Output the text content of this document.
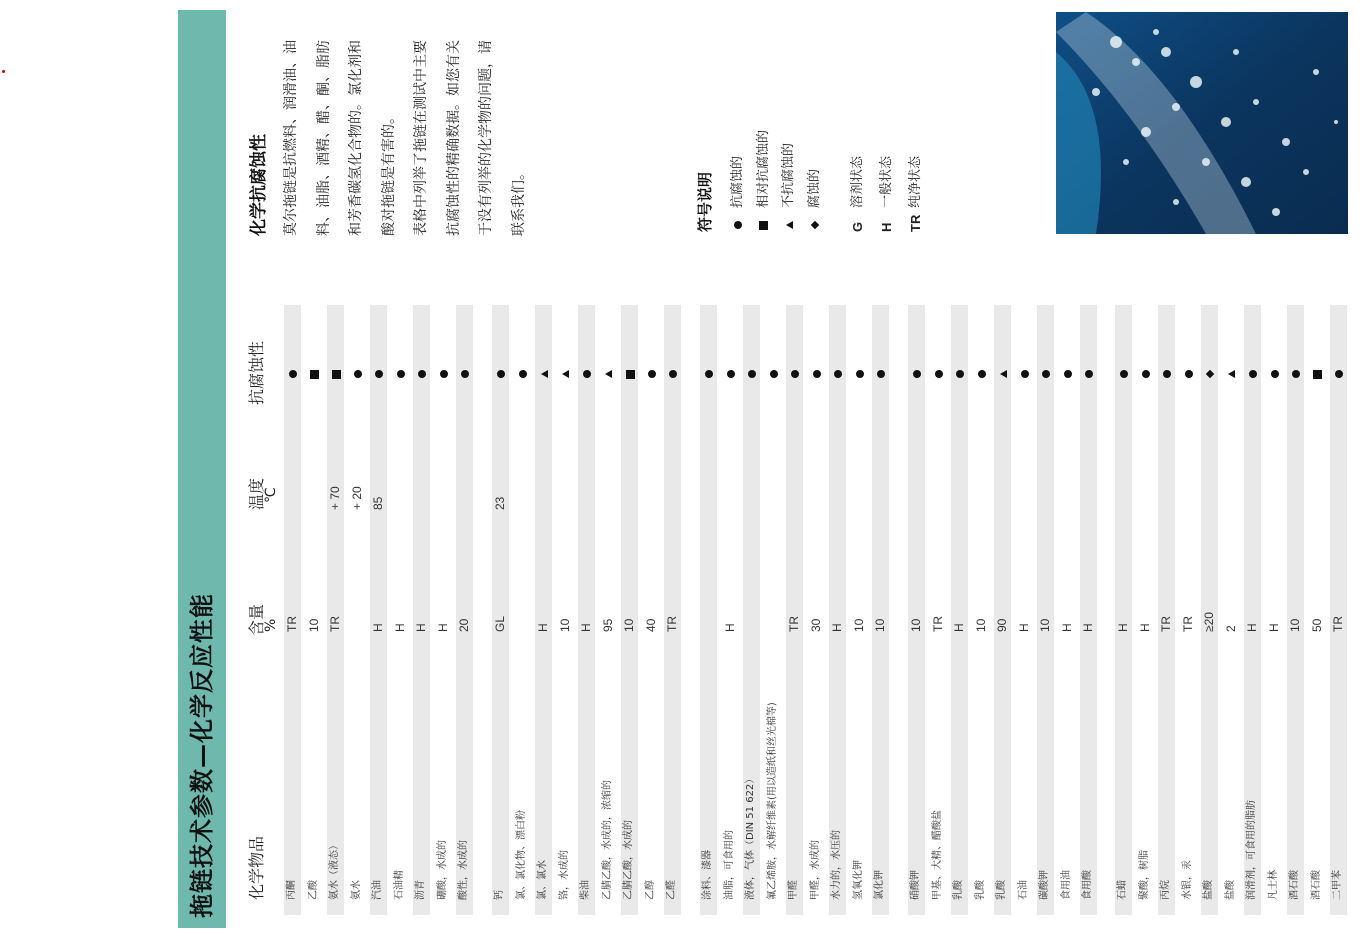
拖链技术参数—化学反应性能	化学物品
含量
%
温度
℃
抗腐蚀性
丙酮
TR
乙酸
10
氨水（液态）
TR
+ 70
氨水
+ 20
汽油
H
85
石油精
H
沥青
H
硼酸，水成的
H
酸性，水成的
20
钙
GL
23
氯、氯化物、漂白粉 氯、氯水
H
铬，水成的
10
柴油
H
乙腈乙酸，水成的，浓缩的
95
乙腈乙酸，水成的
10
乙醇
40
乙醛
TR
涂料、漆器 油脂，可食用的
H
液体，气体（DIN 51 622） 氟乙烯胺，水解纤维素(用以造纸和丝光棉等) 甲醛
TR
甲醛，水成的
30
水力的，水压的
H
氢氧化钾
10
氯化钾
10
硝酸钾
10
甲基、大精、醋酸盐
TR
乳酸
H
乳酸
10
乳酸
90
石油
H
碳酸钾
10
食用油
H
食用酸
H
石蜡
H
聚酸，树脂
H
丙烷
TR
水银，汞
TR
盐酸
≥20
盐酸
2
润滑剂，可食用的脂肪
H
凡士林
H
酒石酸
10
酒石酸
50
二甲苯
TR
化学抗腐蚀性 莫尔拖链是抗燃料、润滑油、油 料、油脂、酒精、醋、酮、脂肪 和芳香碳氢化合物的。氯化剂和 酸对拖链是有害的。 表格中列举了拖链在测试中主要 抗腐蚀性的精确数据。如您有关 于没有列举的化学物的问题，请 联系我们。	符号说明 抗腐蚀的 相对抗腐蚀的 不抗腐蚀的 腐蚀的
G
溶剂状态
H
一般状态
TR
纯净状态
